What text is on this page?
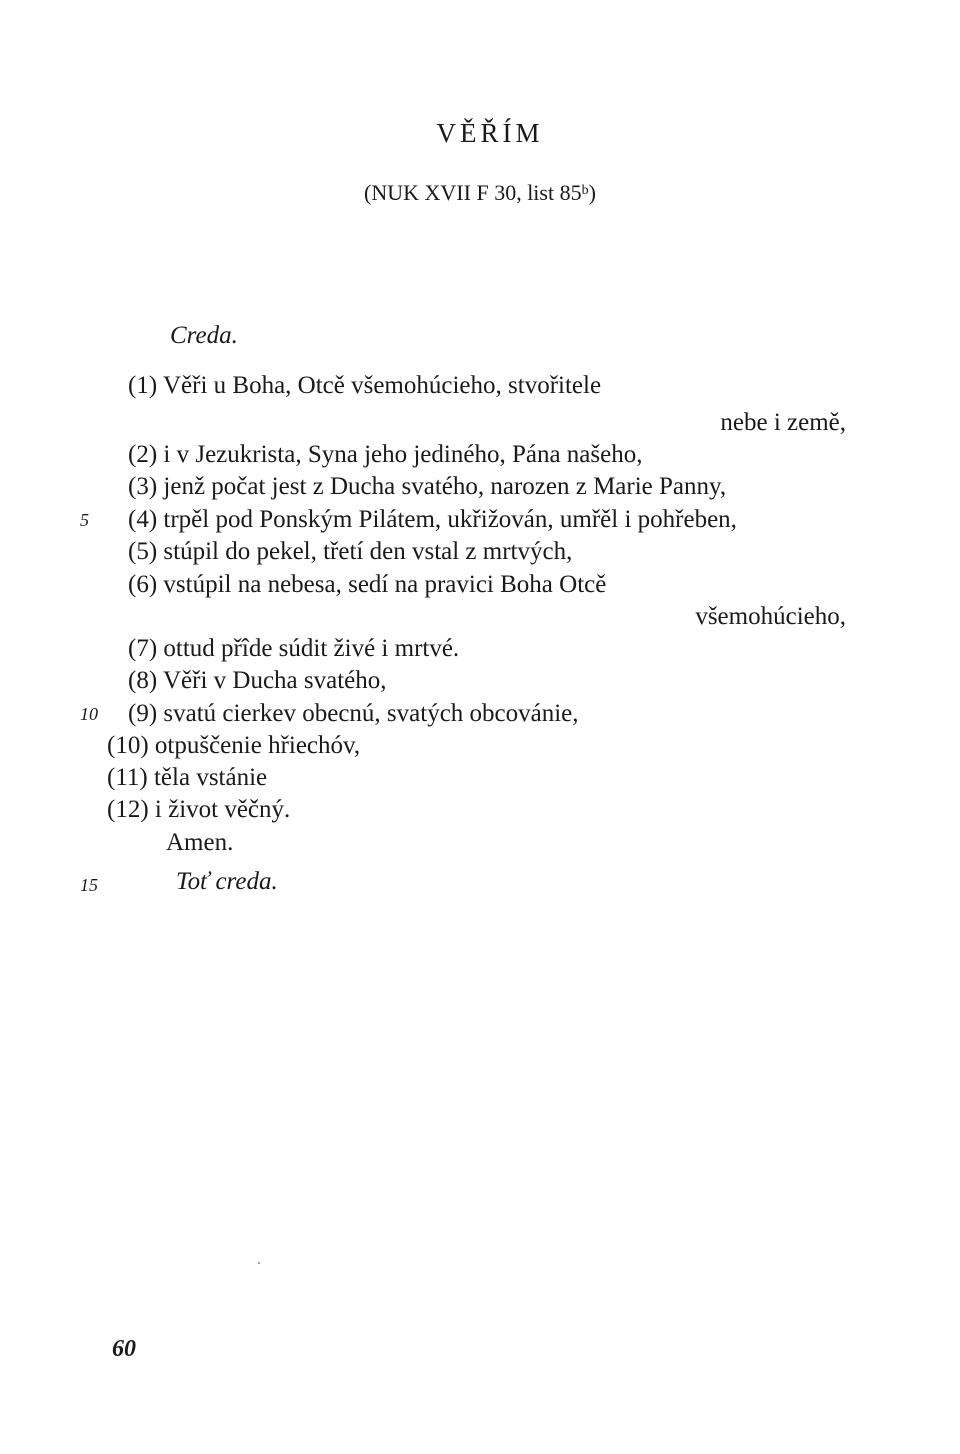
VĚŘÍM
(NUK XVII F 30, list 85$^b$)
Creda.
(1) Věři u Boha, Otcě všemohúcieho, stvořitele
nebe i země,
(2) i v Jezukrista, Syna jeho jediného, Pána našeho,
(3) jenž počat jest z Ducha svatého, narozen z Marie Panny,
5 (4) trpěl pod Ponským Pilátem, ukřižován, umřěl i pohřeben,
(5) stúpil do pekel, třetí den vstal z mrtvých,
(6) vstúpil na nebesa, sedí na pravici Boha Otcě
všemohúcieho,
(7) ottud přîde súdit živé i mrtvé.
(8) Věři v Ducha svatého,
10 (9) svatú cierkev obecnú, svatých obcovánie,
(10) otpuščenie hřiechóv,
(11) těla vstánie
(12) i život věčný.
Amen.
15	Toť creda.
60
